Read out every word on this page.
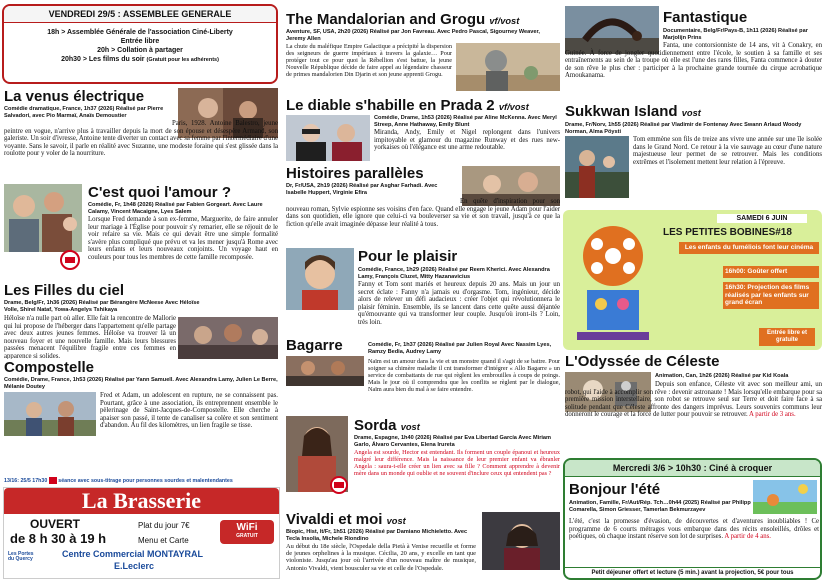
VENDREDI 29/5 : ASSEMBLEE GENERALE
18h > Assemblée Générale de l'association Ciné-Liberty
Entrée libre
20h > Collation à partager
20h30 > Les films du soir (Gratuit pour les adhérents)
La venus électrique
Comédie dramatique, France, 1h37 (2026) Réalisé par Pierre Salvadori, avec Pio Marmaï, Anaïs Demoustier
Paris, 1928. Antoine Balestro, jeune peintre en vogue, n'arrive plus à travailler depuis la mort de son épouse et désespère Armand, son galeriste. Un soir d'ivresse, Antoine tente diverter un contact avec sa femme par l'intermédiaire d'une voyante. Sans le savoir, il parle en réalité avec Suzanne, une modeste foraine qui s'est glissée dans la roulotte pour y voler de la nourriture.
C'est quoi l'amour ?
Comédie, Fr, 1h48 (2026) Réalisé par Fabien Gorgeart. Avec Laure Calamy, Vincent Macaigne, Lyes Salem
Lorsque Fred demande à son ex-femme, Marguerite, de faire annuler leur mariage à l'Église pour pouvoir s'y remarier, elle se réjouit de le voir refaire sa vie. Mais ce qui devait être une simple formalité s'avère plus compliqué que prévu et va les mener jusqu'à Rome avec leurs enfants et leurs nouveaux conjoints. Un voyage haut en couleurs pour tous les membres de cette famille recomposée.
Les Filles du ciel
Drame, Belg/Fr, 1h36 (2026) Réalisé par Bérangère McNeese Avec Héloïse Volle, Shirel Nataf, Yowa-Angelys Tshikaya
Héloïse n'a nulle part où aller. Elle fait la rencontre de Mallorie qui lui propose de l'héberger dans l'appartement qu'elle partage avec deux autres jeunes femmes. Héloïse va trouver là un nouveau foyer et une nouvelle famille. Mais leurs blessures passées menacent l'équilibre fragile entre ces femmes en apparence si solides.
Compostelle
Comédie, Drame, France, 1h53 (2026) Réalisé par Yann Samuell. Avec Alexandra Lamy, Julien Le Berre, Mélanie Doutey
Fred et Adam, un adolescent en rupture, ne se connaissent pas. Pourtant, grâce à une association, ils entreprennent ensemble le pèlerinage de Saint-Jacques-de-Compostelle. Elle cherche à apaiser son passé, il tente de canaliser sa colère et son sentiment d'abandon. Au fil des kilomètres, un lien fragile se tisse.
13/16: 25/5 17h30 séance avec sous-titrage pour personnes sourdes et malentendantes
La Brasserie
OUVERT
de 8 h 30 à 19 h
Plat du jour 7€
Menu et Carte
WiFi
GRATUIT
Les Portes du Quercy	Centre Commercial MONTAYRAL
E.Leclerc
The Mandalorian and Grogu vf/vost
Aventure, SF, USA, 2h20 (2026) Réalisé par Jon Favreau. Avec Pedro Pascal, Sigourney Weaver, Jeremy Allen
La chute du maléfique Empire Galactique a précipité la dispersion des seigneurs de guerre impériaux à travers la galaxie… Pour protéger tout ce pour quoi la Rébellion s'est battue, la jeune Nouvelle République décide de faire appel au légendaire chasseur de primes mandalorien Din Djarin et son jeune apprenti Grogu.
Le diable s'habille en Prada 2 vf/vost
Comédie, Drame, 1h53 (2026) Réalisé par Aline McKenna. Avec Meryl Streep, Anne Hathaway, Emily Blunt
Miranda, Andy, Emily et Nigel replongent dans l'univers impitoyable et glamour du magazine Runway et des rues new-yorkaises où l'élégance est une arme redoutable.
Histoires parallèles
Dr, Fr/USA, 2h19 (2026) Réalisé par Asghar Farhadi. Avec Isabelle Huppert, Virginie Efira
En quête d'inspiration pour son nouveau roman, Sylvie espionne ses voisins d'en face. Quand elle engage le jeune Adam pour l'aider dans son quotidien, elle ignore que celui-ci va bouleverser sa vie et son travail, jusqu'à ce que la fiction qu'elle avait imaginée dépasse leur réalité à tous.
Pour le plaisir
Comédie, France, 1h29 (2026) Réalisé par Reem Kherici. Avec Alexandra Lamy, François Cluzet, Mitty Hazanavicius
Fanny et Tom sont mariés et heureux depuis 20 ans. Mais un jour un secret éclate : Fanny n'a jamais eu d'orgasme. Tom, ingénieur, décide alors de relever un défi audacieux : créer l'objet qui révolutionnera le plaisir féminin. Ensemble, ils se lancent dans cette quête aussi déjantée qu'émouvante qui va transformer leur couple. Jusqu'où iront-ils ? Loin, très loin.
Bagarre	Comédie, Fr, 1h37 (2026) Réalisé par Julien Royal Avec Nassim Lyes, Ramzy Bedia, Audrey Lamy
Naïm est un amour dans la vie et un monstre quand il s'agit de se battre. Pour soigner sa chimère maladie il cnt transformer d'intégrer « Allo Bagarre » un service de combattants de rue qui règlent les embrouilles à coups de poings. Mais le jour où il comprendra que les conflits se règlent par le dialogue, Naïm aura bien du mal à se faire entendre.
Sorda vost
Drame, Espagne, 1h40 (2026) Réalisé par Eva Libertad García Avec Miriam Garlo, Álvaro Cervantes, Elena Irureta
Angela est sourde, Hector est entendant. Ils forment un couple épanoui et heureux malgré leur différence. Mais la naissance de leur premier enfant va ébranler Angela : saura-t-elle créer un lien avec sa fille ? Comment apprendre à devenir mère dans un monde qui oublie et ne souvent d'inclure ceux qui entendent pas ?
Vivaldi et moi vost
Biopic, Hist, It/Fr, 1h51 (2026) Réalisé par Damiano Michieletto. Avec Tecla Insolia, Michele Riondino
Au début du 18e siècle, l'Ospedale della Pietà à Venise recueille et forme de jeunes orphelines à la musique. Cécilia, 20 ans, y excelle en tant que violoniste. Jusqu'au jour où l'arrivée d'un nouveau maître de musique, Antonio Vivaldi, vient bousculer sa vie et celle de l'Ospedale.
Fantastique
Documentaire, Belg/Fr/Pays-B, 1h11 (2026) Réalisé par Marjolijn Prins
Fanta, une contorsionniste de 14 ans, vit à Conakry, en Guinée. À force de jongler quotidiennement entre l'école, le soutien à sa famille et ses entraînements au sein de la troupe où elle est l'une des rares filles, Fanta commence à douter de son rêve le plus cher : participer à la prochaine grande tournée du cirque acrobatique Amoukanama.
Sukkwan Island vost
Drame, Fr/Norv, 1h55 (2026) Réalisé par Vladimir de Fontenay Avec Swann Arlaud Woody Norman, Alma Pöysti
Tom emmène son fils de treize ans vivre une année sur une île isolée dans le Grand Nord. Ce retour à la vie sauvage au cœur d'une nature majestueuse leur permet de se retrouver. Mais les conditions extrêmes et l'isolement mettent leur relation à l'épreuve.
SAMEDI 6 JUIN
LES PETITES BOBINES#18
Les enfants du fuméliois font leur cinéma
16h00: Goûter offert
16h30: Projection des films réalisés par les enfants sur grand écran
Entrée libre et gratuite
L'Odyssée de Céleste
Animation, Can, 1h26 (2026) Réalisé par Kid Koala
Depuis son enfance, Céleste vit avec son meilleur ami, un robot, qui l'aide à accomplir son rêve : devenir astronaute ! Mais lorsqu'elle embarque pour sa première mission interstellaire, son robot se retrouve seul sur Terre et doit faire face à sa solitude pendant que Céleste affronte des dangers imprévus. Leurs souvenirs communs leur donneront le courage et la force de lutter pour pouvoir se retrouver. A partir de 3 ans.
Mercredi 3/6 > 10h30 : Ciné à croquer
Bonjour l'été
Animation, Famille, Fr/Aut/Rép. Tch…0h44 (2025) Réalisé par Philipp Comarella, Simon Griesser, Tamerlan Bekmurzayev
L'été, c'est la promesse d'évasion, de découvertes et d'aventures inoubliables ! Ce programme de 6 courts métrages vous embarque dans des récits ensoleillés, drôles et poétiques, où chaque instant réserve son lot de surprises. A partir de 4 ans.
Petit déjeuner offert et lecture (5 min.) avant la projection, 5€ pour tous
